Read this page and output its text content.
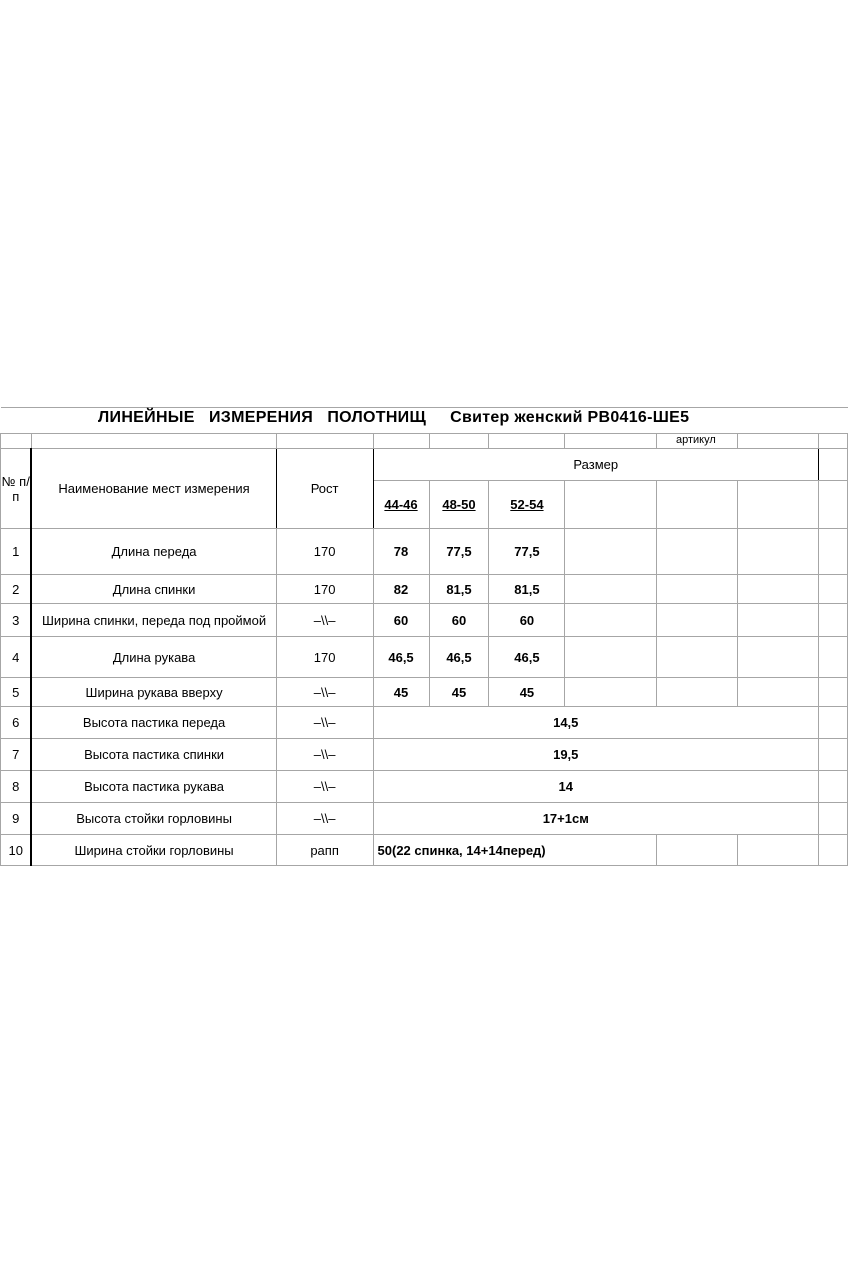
№ п/п	Наименование мест измерения	Рост	Размер						
			44-46	48-50	52-54				
1	Длина переда	170	78	77,5	77,5				
2	Длина спинки	170	82	81,5	81,5				
3	Ширина спинки, переда под проймой	–\\–	60	60	60				
4	Длина рукава	170	46,5	46,5	46,5				
5	Ширина рукава вверху	–\\–	45	45	45				
6	Высота пастика переда	–\\–	14,5						
7	Высота пастика спинки	–\\–	19,5						
8	Высота пастика рукава	–\\–	14						
9	Высота стойки горловины	–\\–	17+1см						
10	Ширина стойки горловины	рапп	50(22 спинка, 14+14перед)						
ЛИНЕЙНЫЕ   ИЗМЕРЕНИЯ   ПОЛОТНИЩ Свитер женский РВ0416-ШЕ5
артикул
